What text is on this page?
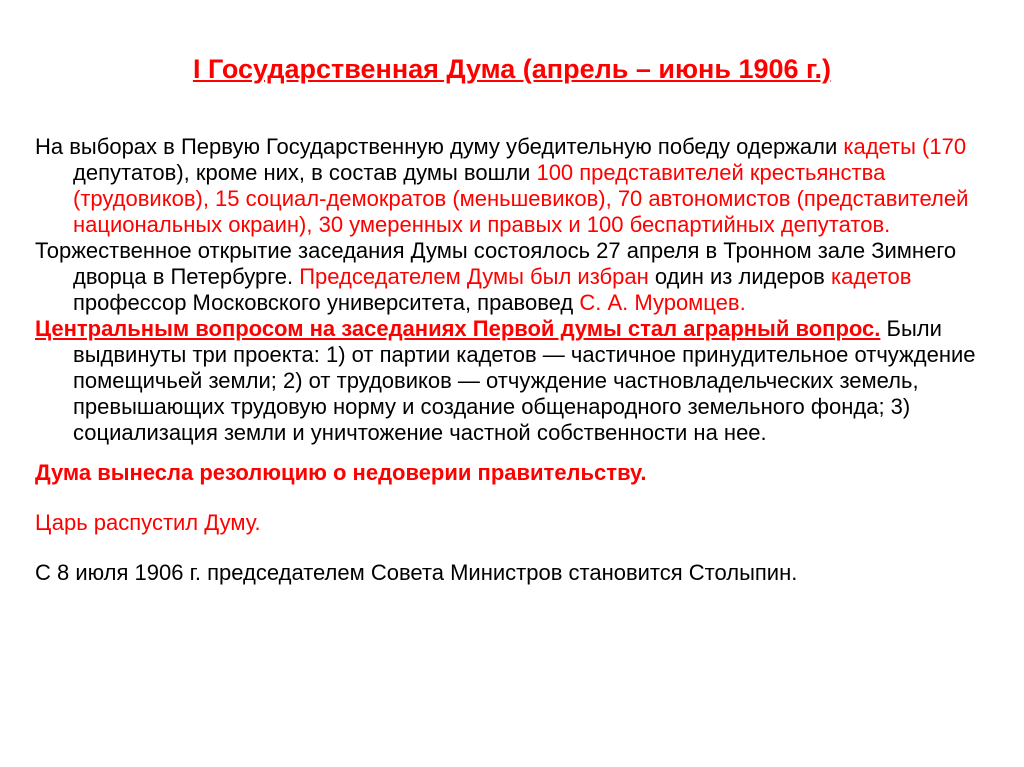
I Государственная Дума (апрель – июнь 1906 г.)

На выборах в Первую Государственную думу убедительную победу одержали кадеты (170 депутатов), кроме них, в состав думы вошли 100 представителей крестьянства (трудовиков), 15 социал-демократов (меньшевиков), 70 автономистов (представителей национальных окраин), 30 умеренных и правых и 100 беспартийных депутатов.

Торжественное открытие заседания Думы состоялось 27 апреля в Тронном зале Зимнего дворца в Петербурге. Председателем Думы был избран один из лидеров кадетов профессор Московского университета, правовед С. А. Муромцев.

Центральным вопросом на заседаниях Первой думы стал аграрный вопрос. Были выдвинуты три проекта: 1) от партии кадетов — частичное принудительное отчуждение помещичьей земли; 2) от трудовиков — отчуждение частновладельческих земель, превышающих трудовую норму и создание общенародного земельного фонда; 3) социализация земли и уничтожение частной собственности на нее.

Дума вынесла резолюцию о недоверии правительству.

Царь распустил Думу.

С 8 июля 1906 г. председателем Совета Министров становится Столыпин.
